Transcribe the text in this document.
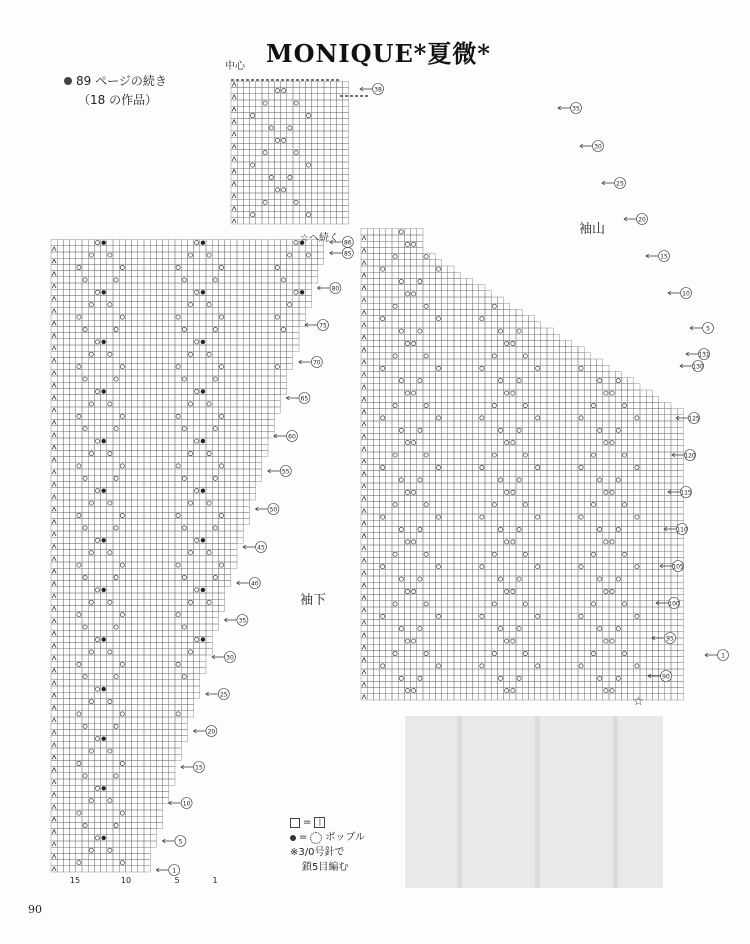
MONIQUE*夏微*
89 ページの続き
（18 の作品）
中心
15	10	5	1
1
5
10
15
20
25
30
35
40
45
50
55
60
65
70
75
80
85
86
1
5
10
15
20
25
30
35
38
90
95
100
105
110
115
120
125
130
131
袖山
袖下
☆へ続く
☆
=	|
= ボッブル
※3/0号針で
鎖5目編む
90
